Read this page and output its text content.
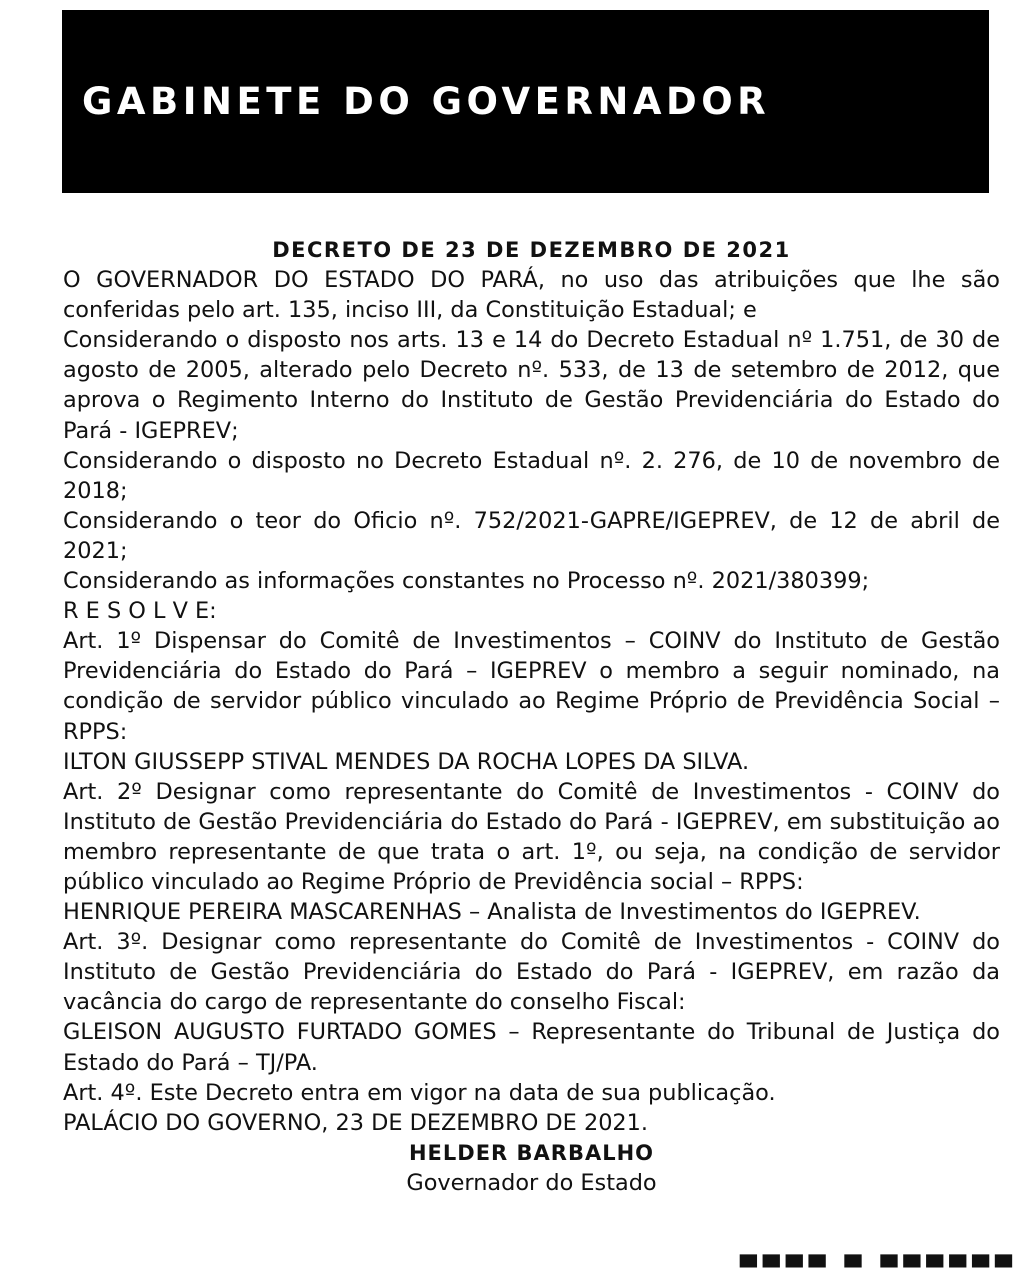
GABINETE DO GOVERNADOR
DECRETO DE 23 DE DEZEMBRO DE 2021
O GOVERNADOR DO ESTADO DO PARÁ, no uso das atribuições que lhe são conferidas pelo art. 135, inciso III, da Constituição Estadual; e
Considerando o disposto nos arts. 13 e 14 do Decreto Estadual nº 1.751, de 30 de agosto de 2005, alterado pelo Decreto nº. 533, de 13 de setembro de 2012, que aprova o Regimento Interno do Instituto de Gestão Previdenciária do Estado do Pará - IGEPREV;
Considerando o disposto no Decreto Estadual nº. 2. 276, de 10 de novembro de 2018;
Considerando o teor do Oficio nº. 752/2021-GAPRE/IGEPREV, de 12 de abril de 2021;
Considerando as informações constantes no Processo nº. 2021/380399;
R E S O L V E:
Art. 1º Dispensar do Comitê de Investimentos – COINV do Instituto de Gestão Previdenciária do Estado do Pará – IGEPREV o membro a seguir nominado, na condição de servidor público vinculado ao Regime Próprio de Previdência Social – RPPS:
ILTON GIUSSEPP STIVAL MENDES DA ROCHA LOPES DA SILVA.
Art. 2º Designar como representante do Comitê de Investimentos - COINV do Instituto de Gestão Previdenciária do Estado do Pará - IGEPREV, em substituição ao membro representante de que trata o art. 1º, ou seja, na condição de servidor público vinculado ao Regime Próprio de Previdência social – RPPS:
HENRIQUE PEREIRA MASCARENHAS – Analista de Investimentos do IGEPREV.
Art. 3º. Designar como representante do Comitê de Investimentos - COINV do Instituto de Gestão Previdenciária do Estado do Pará - IGEPREV, em razão da vacância do cargo de representante do conselho Fiscal:
GLEISON AUGUSTO FURTADO GOMES – Representante do Tribunal de Justiça do Estado do Pará – TJ/PA.
Art. 4º. Este Decreto entra em vigor na data de sua publicação.
PALÁCIO DO GOVERNO, 23 DE DEZEMBRO DE 2021.
HELDER BARBALHO
Governador do Estado
▀▀▀▀ ▀ ▀▀▀▀▀▀
